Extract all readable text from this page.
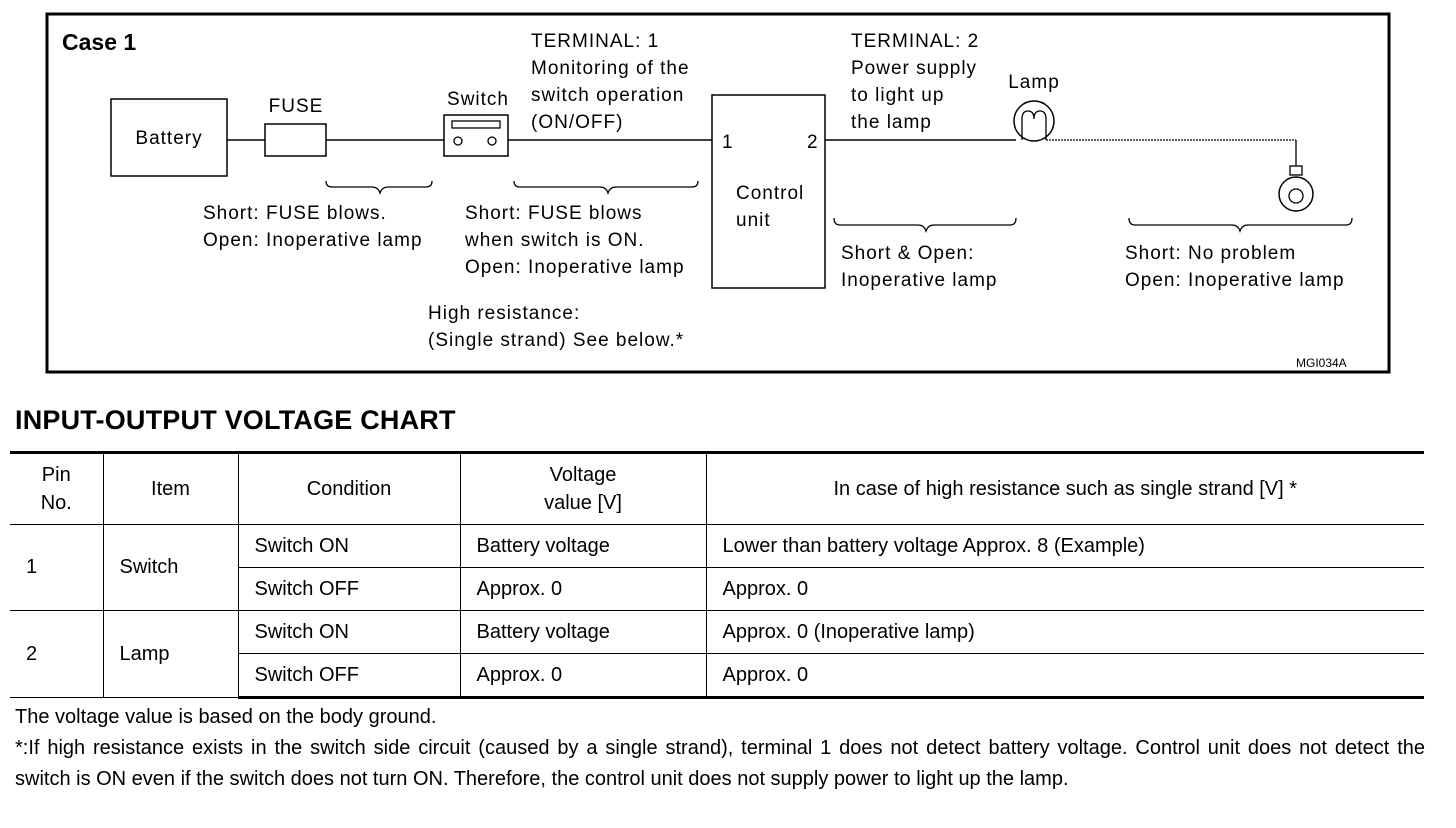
Case 1
Battery
FUSE	Switch
TERMINAL: 1
Monitoring of the
switch operation
(ON/OFF)
1	2
Control
unit
TERMINAL: 2
Power supply
to light up
the lamp
Lamp
Short: FUSE blows.
Open: Inoperative lamp
Short: FUSE blows
when switch is ON.
Open: Inoperative lamp
High resistance:
(Single strand) See below.*
Short & Open:
Inoperative lamp
Short: No problem
Open: Inoperative lamp
MGI034A
INPUT-OUTPUT VOLTAGE CHART
Pin
No.	Item	Condition	Voltage
value [V]	In case of high resistance such as single strand [V] *
1	Switch	Switch ON	Battery voltage	Lower than battery voltage Approx. 8 (Example)
		Switch OFF	Approx. 0	Approx. 0
2	Lamp	Switch ON	Battery voltage	Approx. 0 (Inoperative lamp)
		Switch OFF	Approx. 0	Approx. 0

The voltage value is based on the body ground.

*:If high resistance exists in the switch side circuit (caused by a single strand), terminal 1 does not detect battery voltage. Control unit does not detect the switch is ON even if the switch does not turn ON. Therefore, the control unit does not supply power to light up the lamp.
